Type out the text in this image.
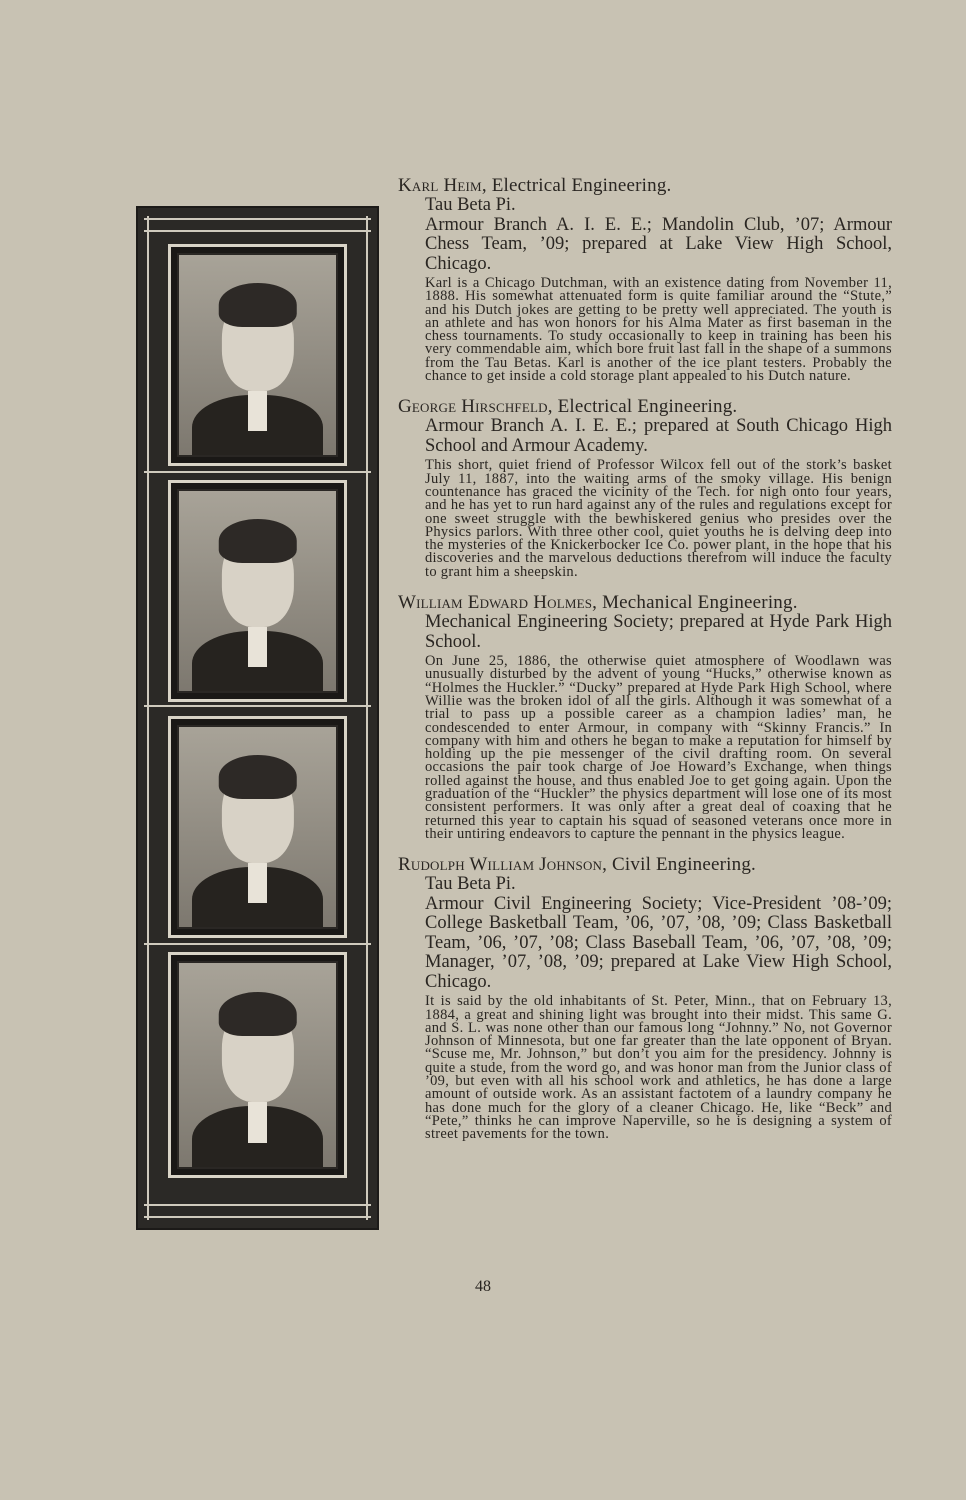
Karl Heim, Electrical Engineering.

Tau Beta Pi.

Armour Branch A. I. E. E.; Mandolin Club, ’07; Armour Chess Team, ’09; prepared at Lake View High School, Chicago.

Karl is a Chicago Dutchman, with an existence dating from November 11, 1888. His somewhat attenuated form is quite familiar around the “Stute,” and his Dutch jokes are getting to be pretty well appreciated. The youth is an athlete and has won honors for his Alma Mater as first baseman in the chess tournaments. To study occasionally to keep in training has been his very commendable aim, which bore fruit last fall in the shape of a summons from the Tau Betas. Karl is another of the ice plant testers. Probably the chance to get inside a cold storage plant appealed to his Dutch nature.

George Hirschfeld, Electrical Engineering.

Armour Branch A. I. E. E.; prepared at South Chicago High School and Armour Academy.

This short, quiet friend of Professor Wilcox fell out of the stork’s basket July 11, 1887, into the waiting arms of the smoky village. His benign countenance has graced the vicinity of the Tech. for nigh onto four years, and he has yet to run hard against any of the rules and regulations except for one sweet struggle with the bewhiskered genius who presides over the Physics parlors. With three other cool, quiet youths he is delving deep into the mysteries of the Knickerbocker Ice Co. power plant, in the hope that his discoveries and the marvelous deductions therefrom will induce the faculty to grant him a sheepskin.

William Edward Holmes, Mechanical Engineering.

Mechanical Engineering Society; prepared at Hyde Park High School.

On June 25, 1886, the otherwise quiet atmosphere of Woodlawn was unusually disturbed by the advent of young “Hucks,” otherwise known as “Holmes the Huckler.” “Ducky” prepared at Hyde Park High School, where Willie was the broken idol of all the girls. Although it was somewhat of a trial to pass up a possible career as a champion ladies’ man, he condescended to enter Armour, in company with “Skinny Francis.” In company with him and others he began to make a reputation for himself by holding up the pie messenger of the civil drafting room. On several occasions the pair took charge of Joe Howard’s Exchange, when things rolled against the house, and thus enabled Joe to get going again. Upon the graduation of the “Huckler” the physics department will lose one of its most consistent performers. It was only after a great deal of coaxing that he returned this year to captain his squad of seasoned veterans once more in their untiring endeavors to capture the pennant in the physics league.

Rudolph William Johnson, Civil Engineering.

Tau Beta Pi.

Armour Civil Engineering Society; Vice-President ’08-’09; College Basketball Team, ’06, ’07, ’08, ’09; Class Basketball Team, ’06, ’07, ’08; Class Baseball Team, ’06, ’07, ’08, ’09; Manager, ’07, ’08, ’09; prepared at Lake View High School, Chicago.

It is said by the old inhabitants of St. Peter, Minn., that on February 13, 1884, a great and shining light was brought into their midst. This same G. and S. L. was none other than our famous long “Johnny.” No, not Governor Johnson of Minnesota, but one far greater than the late opponent of Bryan. “Scuse me, Mr. Johnson,” but don’t you aim for the presidency. Johnny is quite a stude, from the word go, and was honor man from the Junior class of ’09, but even with all his school work and athletics, he has done a large amount of outside work. As an assistant factotem of a laundry company he has done much for the glory of a cleaner Chicago. He, like “Beck” and “Pete,” thinks he can improve Naperville, so he is designing a system of street pavements for the town.

48
